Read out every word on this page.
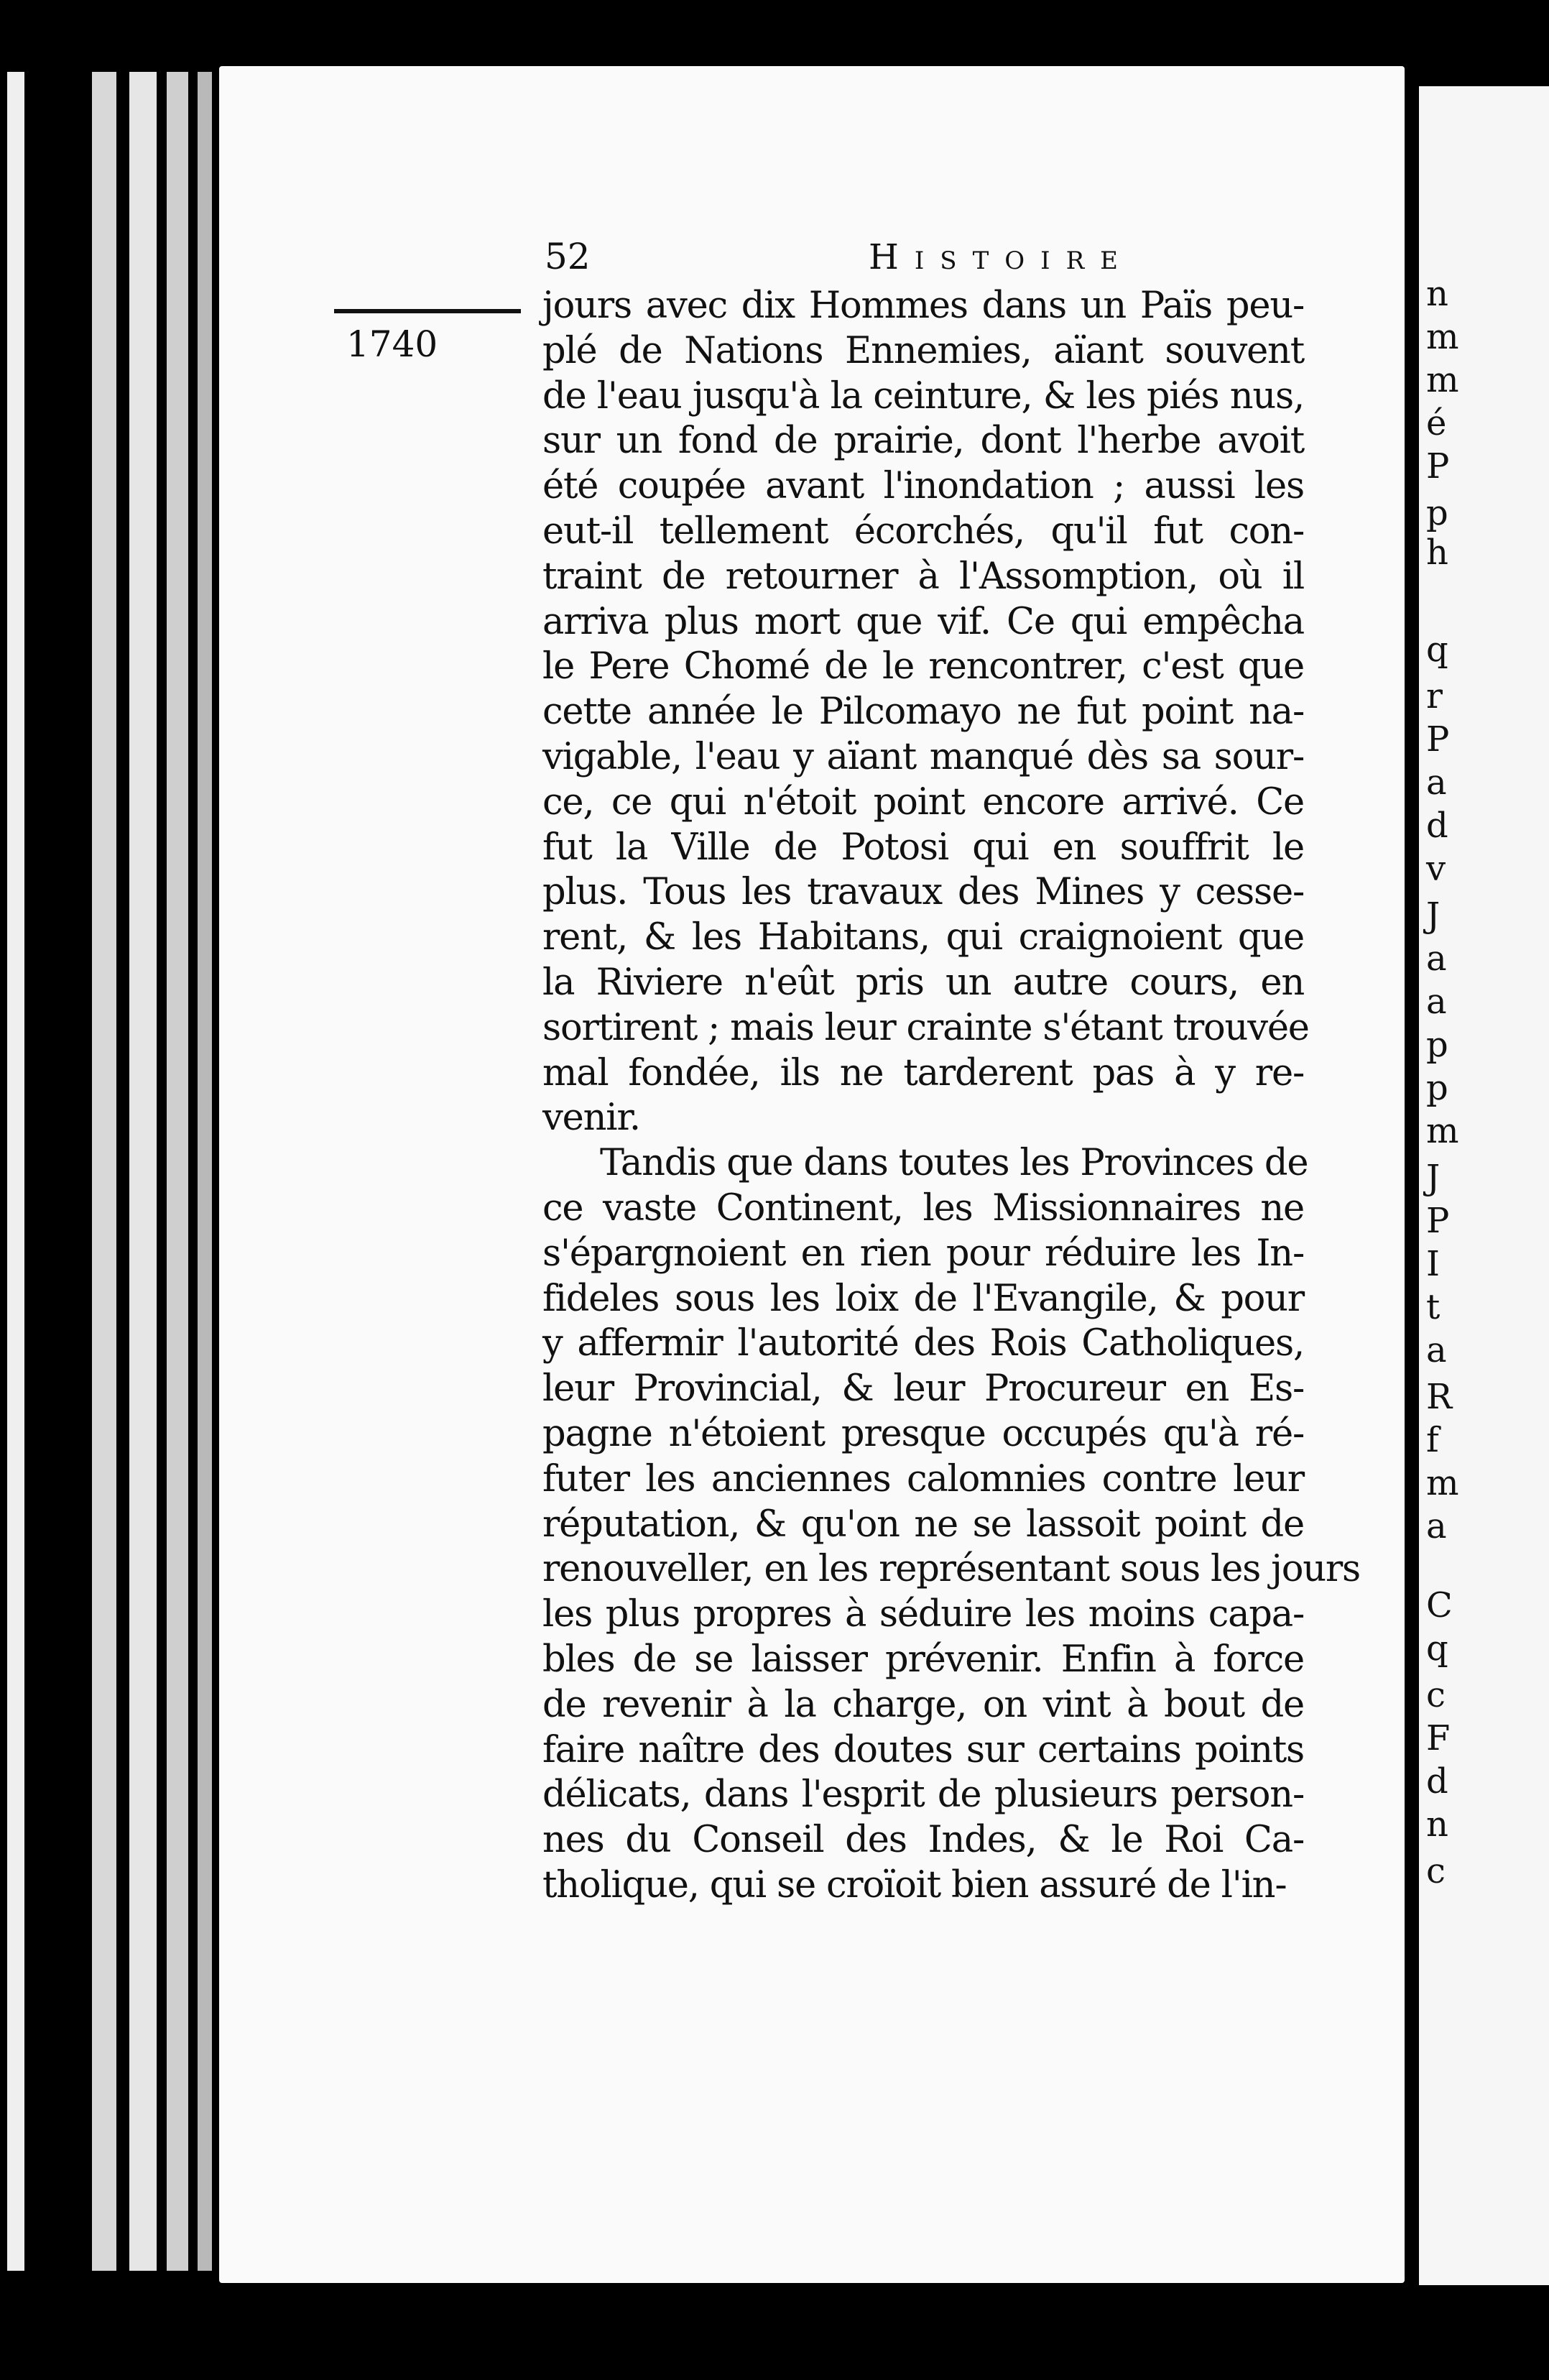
n
m
m
é
P
p
h
q
r
P
a
d
v
J
a
a
p
p
m
J
P
I
t
a
R
f
m
a
C
q
c
F
d
n
c
52	Histoire
1740
jours avec dix Hommes dans un Païs peu-
plé de Nations Ennemies, aïant souvent
de l'eau jusqu'à la ceinture, & les piés nus,
sur un fond de prairie, dont l'herbe avoit
été coupée avant l'inondation ; aussi les
eut-il tellement écorchés, qu'il fut con-
traint de retourner à l'Assomption, où il
arriva plus mort que vif. Ce qui empêcha
le Pere Chomé de le rencontrer, c'est que
cette année le Pilcomayo ne fut point na-
vigable, l'eau y aïant manqué dès sa sour-
ce, ce qui n'étoit point encore arrivé. Ce
fut la Ville de Potosi qui en souffrit le
plus. Tous les travaux des Mines y cesse-
rent, & les Habitans, qui craignoient que
la Riviere n'eût pris un autre cours, en
sortirent ; mais leur crainte s'étant trouvée
mal fondée, ils ne tarderent pas à y re-
venir.
Tandis que dans toutes les Provinces de
ce vaste Continent, les Missionnaires ne
s'épargnoient en rien pour réduire les In-
fideles sous les loix de l'Evangile, & pour
y affermir l'autorité des Rois Catholiques,
leur Provincial, & leur Procureur en Es-
pagne n'étoient presque occupés qu'à ré-
futer les anciennes calomnies contre leur
réputation, & qu'on ne se lassoit point de
renouveller, en les représentant sous les jours
les plus propres à séduire les moins capa-
bles de se laisser prévenir. Enfin à force
de revenir à la charge, on vint à bout de
faire naître des doutes sur certains points
délicats, dans l'esprit de plusieurs person-
nes du Conseil des Indes, & le Roi Ca-
tholique, qui se croïoit bien assuré de l'in-
